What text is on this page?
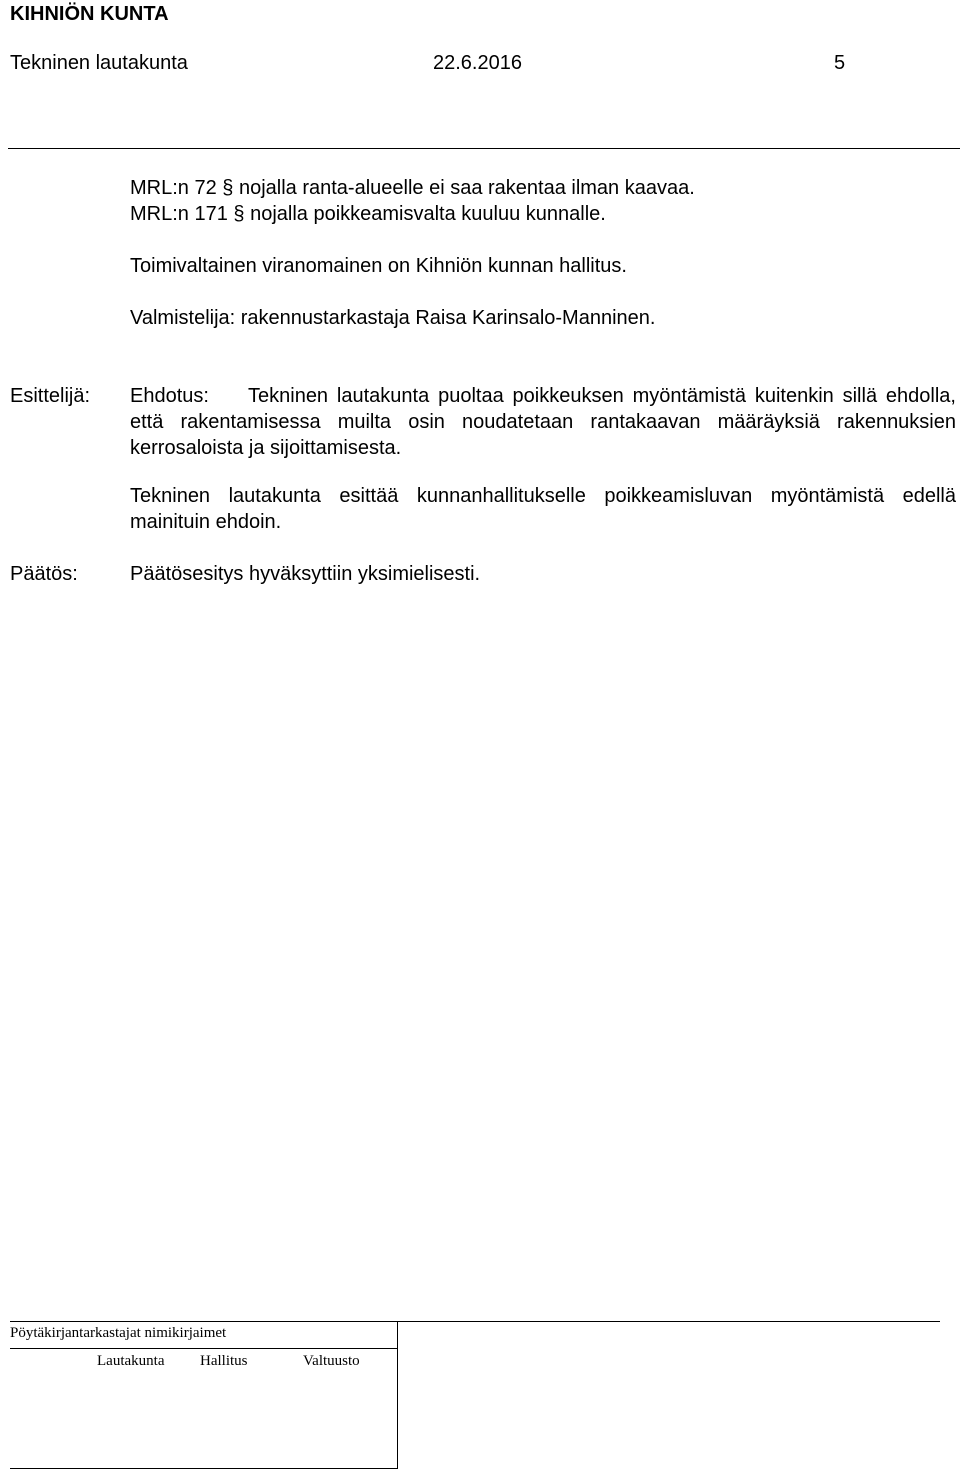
KIHNIÖN KUNTA
Tekninen lautakunta	22.6.2016	5
MRL:n 72 § nojalla ranta-alueelle ei saa rakentaa ilman kaavaa.
MRL:n 171 § nojalla poikkeamisvalta kuuluu kunnalle.
Toimivaltainen viranomainen on Kihniön kunnan hallitus.
Valmistelija: rakennustarkastaja Raisa Karinsalo-Manninen.
Esittelijä: Ehdotus: Tekninen lautakunta puoltaa poikkeuksen myöntämistä kuitenkin sillä ehdolla, että rakentamisessa muilta osin noudatetaan rantakaavan määräyksiä rakennuksien kerrosaloista ja sijoittamisesta.
Tekninen lautakunta esittää kunnanhallitukselle poikkeamisluvan myöntämistä edellä mainituin ehdoin.
Päätös:	Päätösesitys hyväksyttiin yksimielisesti.
Pöytäkirjantarkastajat nimikirjaimet
Lautakunta Hallitus	Valtuusto
